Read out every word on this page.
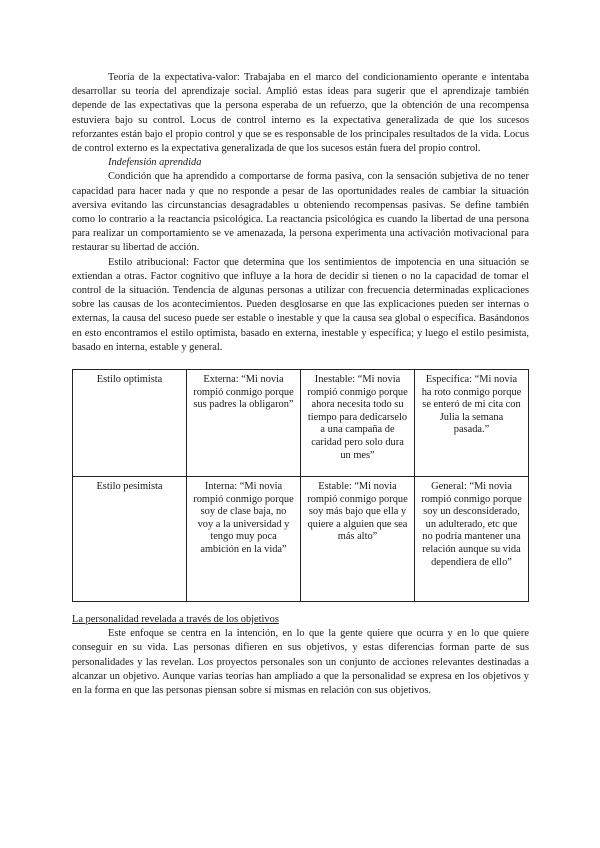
Teoría de la expectativa-valor: Trabajaba en el marco del condicionamiento operante e intentaba desarrollar su teoría del aprendizaje social. Amplió estas ideas para sugerir que el aprendizaje también depende de las expectativas que la persona esperaba de un refuerzo, que la obtención de una recompensa estuviera bajo su control. Locus de control interno es la expectativa generalizada de que los sucesos reforzantes están bajo el propio control y que se es responsable de los principales resultados de la vida. Locus de control externo es la expectativa generalizada de que los sucesos están fuera del propio control.

Indefensión aprendida

Condición que ha aprendido a comportarse de forma pasiva, con la sensación subjetiva de no tener capacidad para hacer nada y que no responde a pesar de las oportunidades reales de cambiar la situación aversiva evitando las circunstancias desagradables u obteniendo recompensas pasivas. Se define también como lo contrario a la reactancia psicológica. La reactancia psicológica es cuando la libertad de una persona para realizar un comportamiento se ve amenazada, la persona experimenta una activación motivacional para restaurar su libertad de acción.

Estilo atribucional: Factor que determina que los sentimientos de impotencia en una situación se extiendan a otras. Factor cognitivo que influye a la hora de decidir si tienen o no la capacidad de tomar el control de la situación. Tendencia de algunas personas a utilizar con frecuencia determinadas explicaciones sobre las causas de los acontecimientos. Pueden desglosarse en que las explicaciones pueden ser internas o externas, la causa del suceso puede ser estable o inestable y que la causa sea global o específica. Basándonos en esto encontramos el estilo optimista, basado en externa, inestable y específica; y luego el estilo pesimista, basado en interna, estable y general.

Estilo optimista	Externa: “Mi novia rompió conmigo porque sus padres la obligaron”	Inestable: “Mi novia rompió conmigo porque ahora necesita todo su tiempo para dedicarselo a una campaña de caridad pero solo dura un mes”	Específica: “Mi novia ha roto conmigo porque se enteró de mi cita con Julia la semana pasada.”
Estilo pesimista	Interna: “Mi novia rompió conmigo porque soy de clase baja, no voy a la universidad y tengo muy poca ambición en la vida”	Estable: “Mi novia rompió conmigo porque soy más bajo que ella y quiere a alguien que sea más alto”	General: “Mi novia rompió conmigo porque soy un desconsiderado, un adulterado, etc que no podría mantener una relación aunque su vida dependiera de ello”

La personalidad revelada a través de los objetivos

Este enfoque se centra en la intención, en lo que la gente quiere que ocurra y en lo que quiere conseguir en su vida. Las personas difieren en sus objetivos, y estas diferencias forman parte de sus personalidades y las revelan. Los proyectos personales son un conjunto de acciones relevantes destinadas a alcanzar un objetivo. Aunque varias teorías han ampliado a que la personalidad se expresa en los objetivos y en la forma en que las personas piensan sobre sí mismas en relación con sus objetivos.
